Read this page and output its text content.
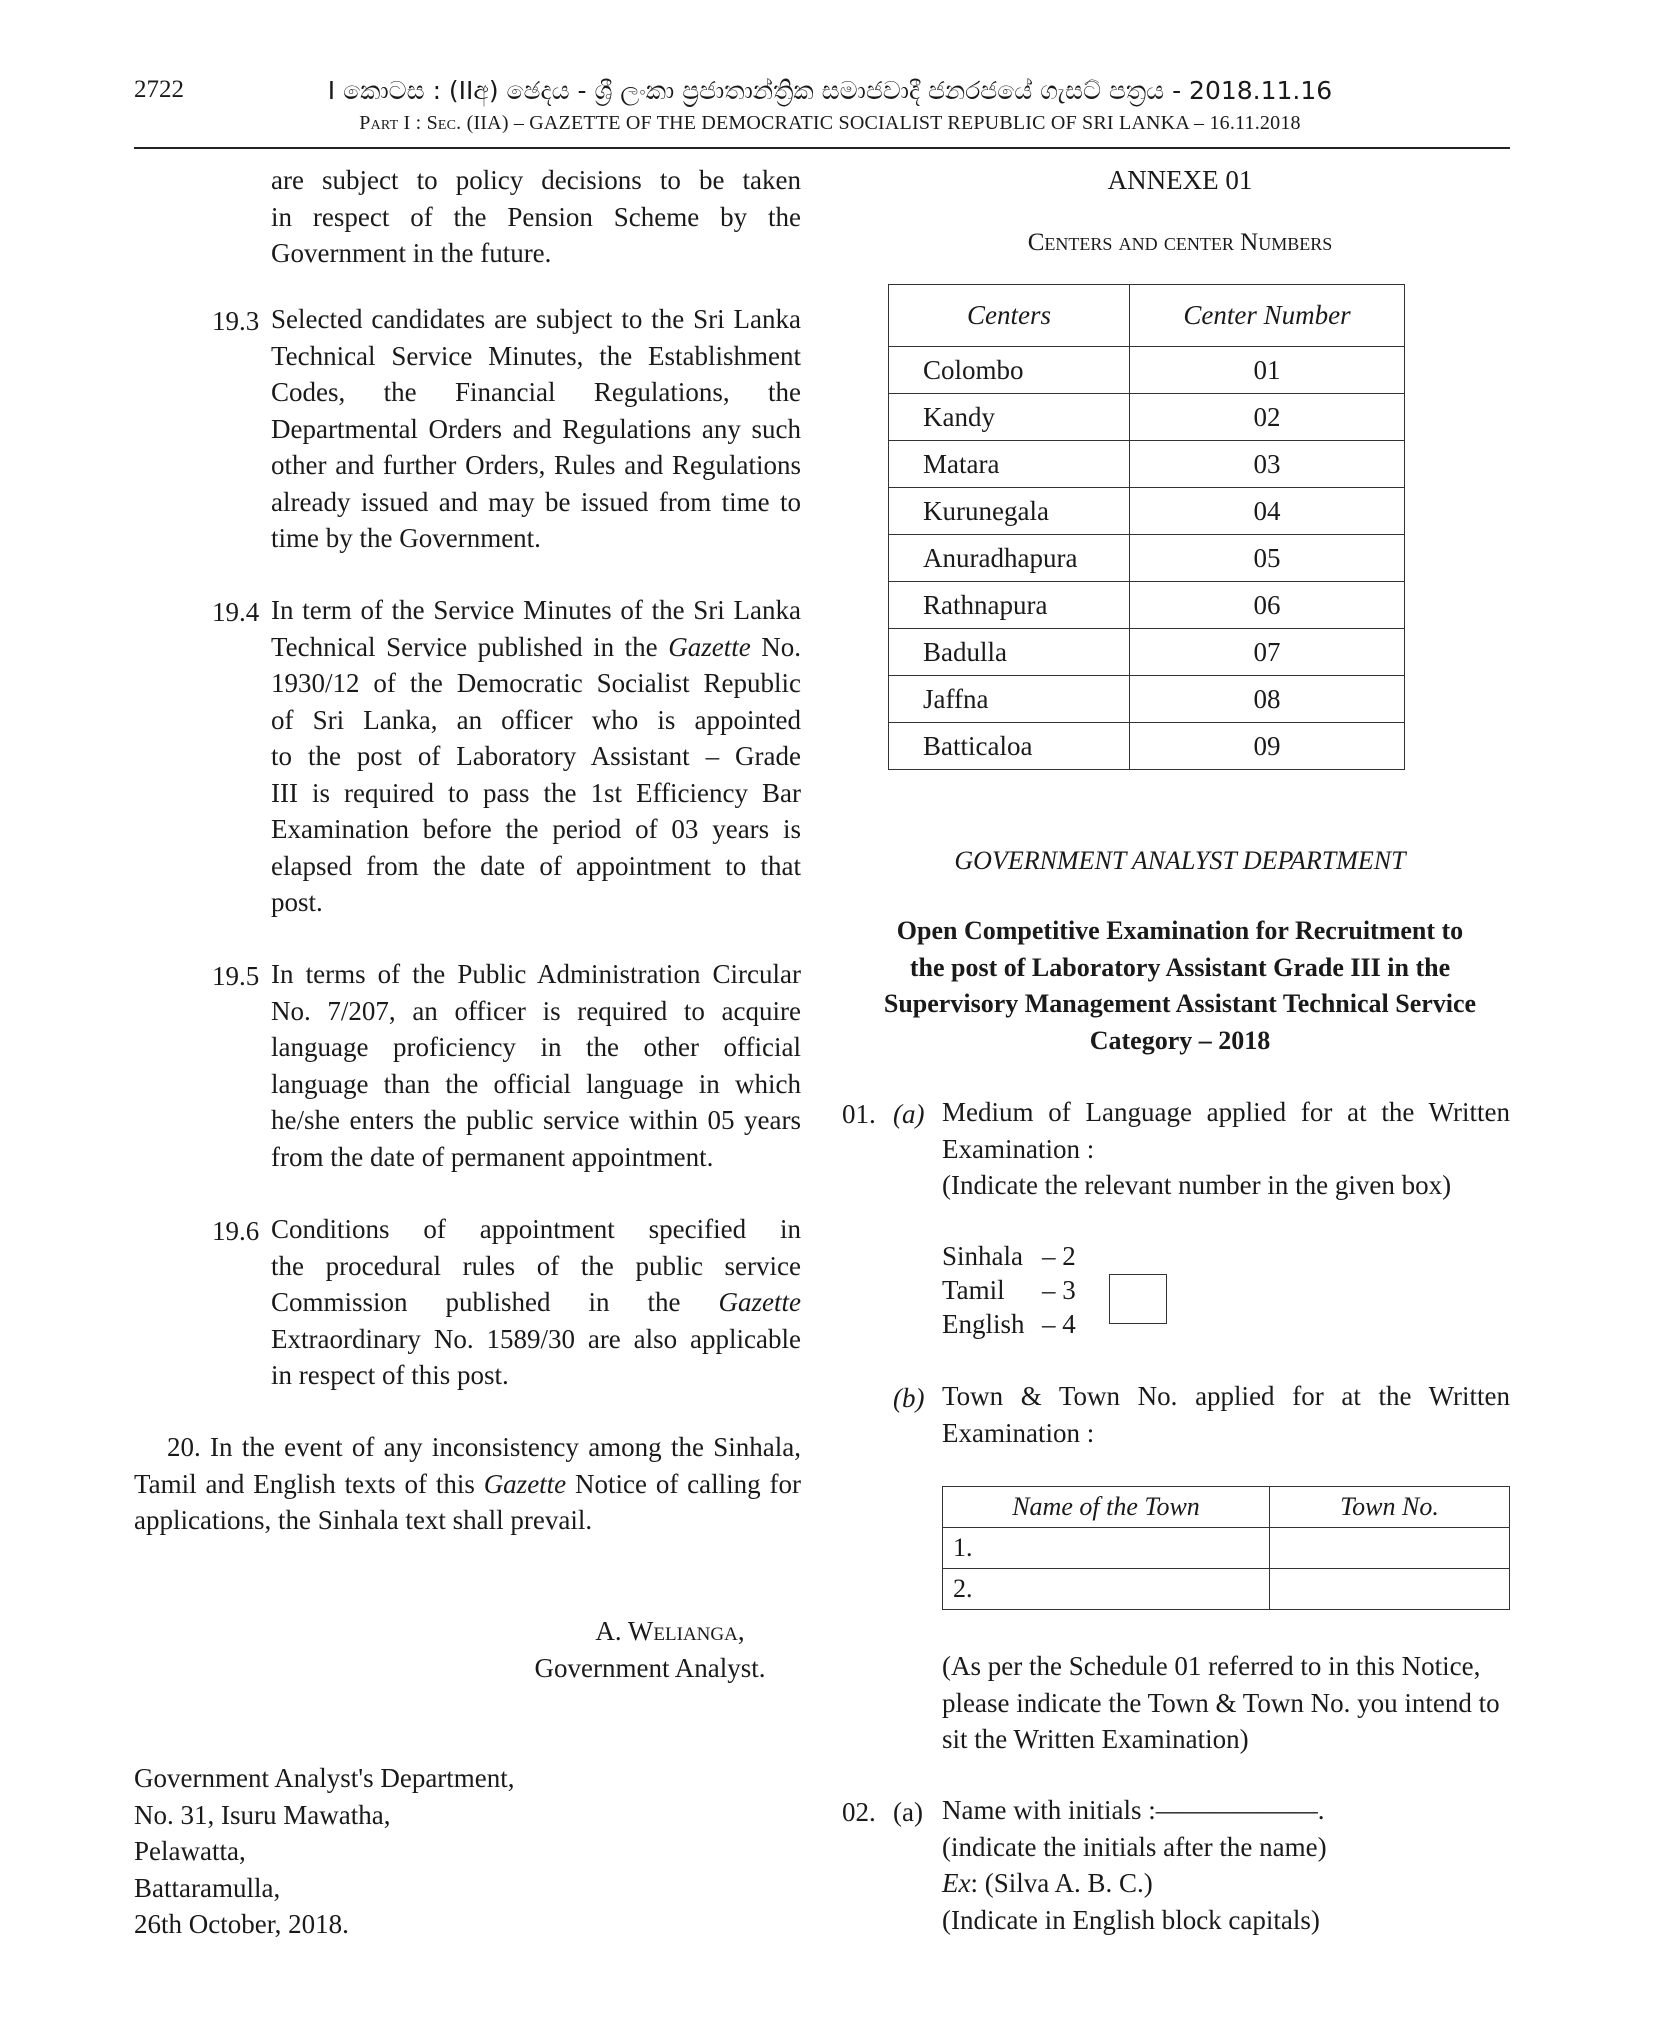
2722	I කොටස : (IIඅ) ඡෙදය - ශ්‍රී ලංකා ප්‍රජාතාන්ත්‍රික සමාජවාදී ජනරජයේ ගැසට් පත්‍රය - 2018.11.16
Part I : Sec. (IIA) – GAZETTE OF THE DEMOCRATIC SOCIALIST REPUBLIC OF SRI LANKA – 16.11.2018
are subject to policy decisions to be taken
in respect of the Pension Scheme by the
Government in the future.
19.3 Selected candidates are subject to the Sri Lanka
Technical Service Minutes, the Establishment
Codes, the Financial Regulations, the
Departmental Orders and Regulations any such
other and further Orders, Rules and Regulations
already issued and may be issued from time to
time by the Government.
19.4 In term of the Service Minutes of the Sri Lanka
Technical Service published in the Gazette No.
1930/12 of the Democratic Socialist Republic
of Sri Lanka, an officer who is appointed
to the post of Laboratory Assistant – Grade
III is required to pass the 1st Efficiency Bar
Examination before the period of 03 years is
elapsed from the date of appointment to that
post.
19.5 In terms of the Public Administration Circular
No. 7/207, an officer is required to acquire
language proficiency in the other official
language than the official language in which
he/she enters the public service within 05 years
from the date of permanent appointment.
19.6 Conditions of appointment specified in
the procedural rules of the public service
Commission published in the Gazette
Extraordinary No. 1589/30 are also applicable
in respect of this post.
20. In the event of any inconsistency among the Sinhala,
Tamil and English texts of this Gazette Notice of calling for
applications, the Sinhala text shall prevail.
A. Welianga,
Government Analyst.
Government Analyst's Department,
No. 31, Isuru Mawatha,
Pelawatta,
Battaramulla,
26th October, 2018.
ANNEXE 01
Centers and center Numbers
Centers	Center Number
Colombo	01
Kandy	02
Matara	03
Kurunegala	04
Anuradhapura	05
Rathnapura	06
Badulla	07
Jaffna	08
Batticaloa	09
GOVERNMENT ANALYST DEPARTMENT
Open Competitive Examination for Recruitment to
the post of Laboratory Assistant Grade III in the
Supervisory Management Assistant Technical Service
Category – 2018
01. (a) Medium of Language applied for at the Written
Examination :
(Indicate the relevant number in the given box)
Sinhala – 2
Tamil – 3
English – 4
(b) Town & Town No. applied for at the Written
Examination :
Name of the Town	Town No.
1.	
2.	
(As per the Schedule 01 referred to in this Notice,
please indicate the Town & Town No. you intend to
sit the Written Examination)
02. (a) Name with initials :——————.
(indicate the initials after the name)
Ex: (Silva A. B. C.)
(Indicate in English block capitals)
